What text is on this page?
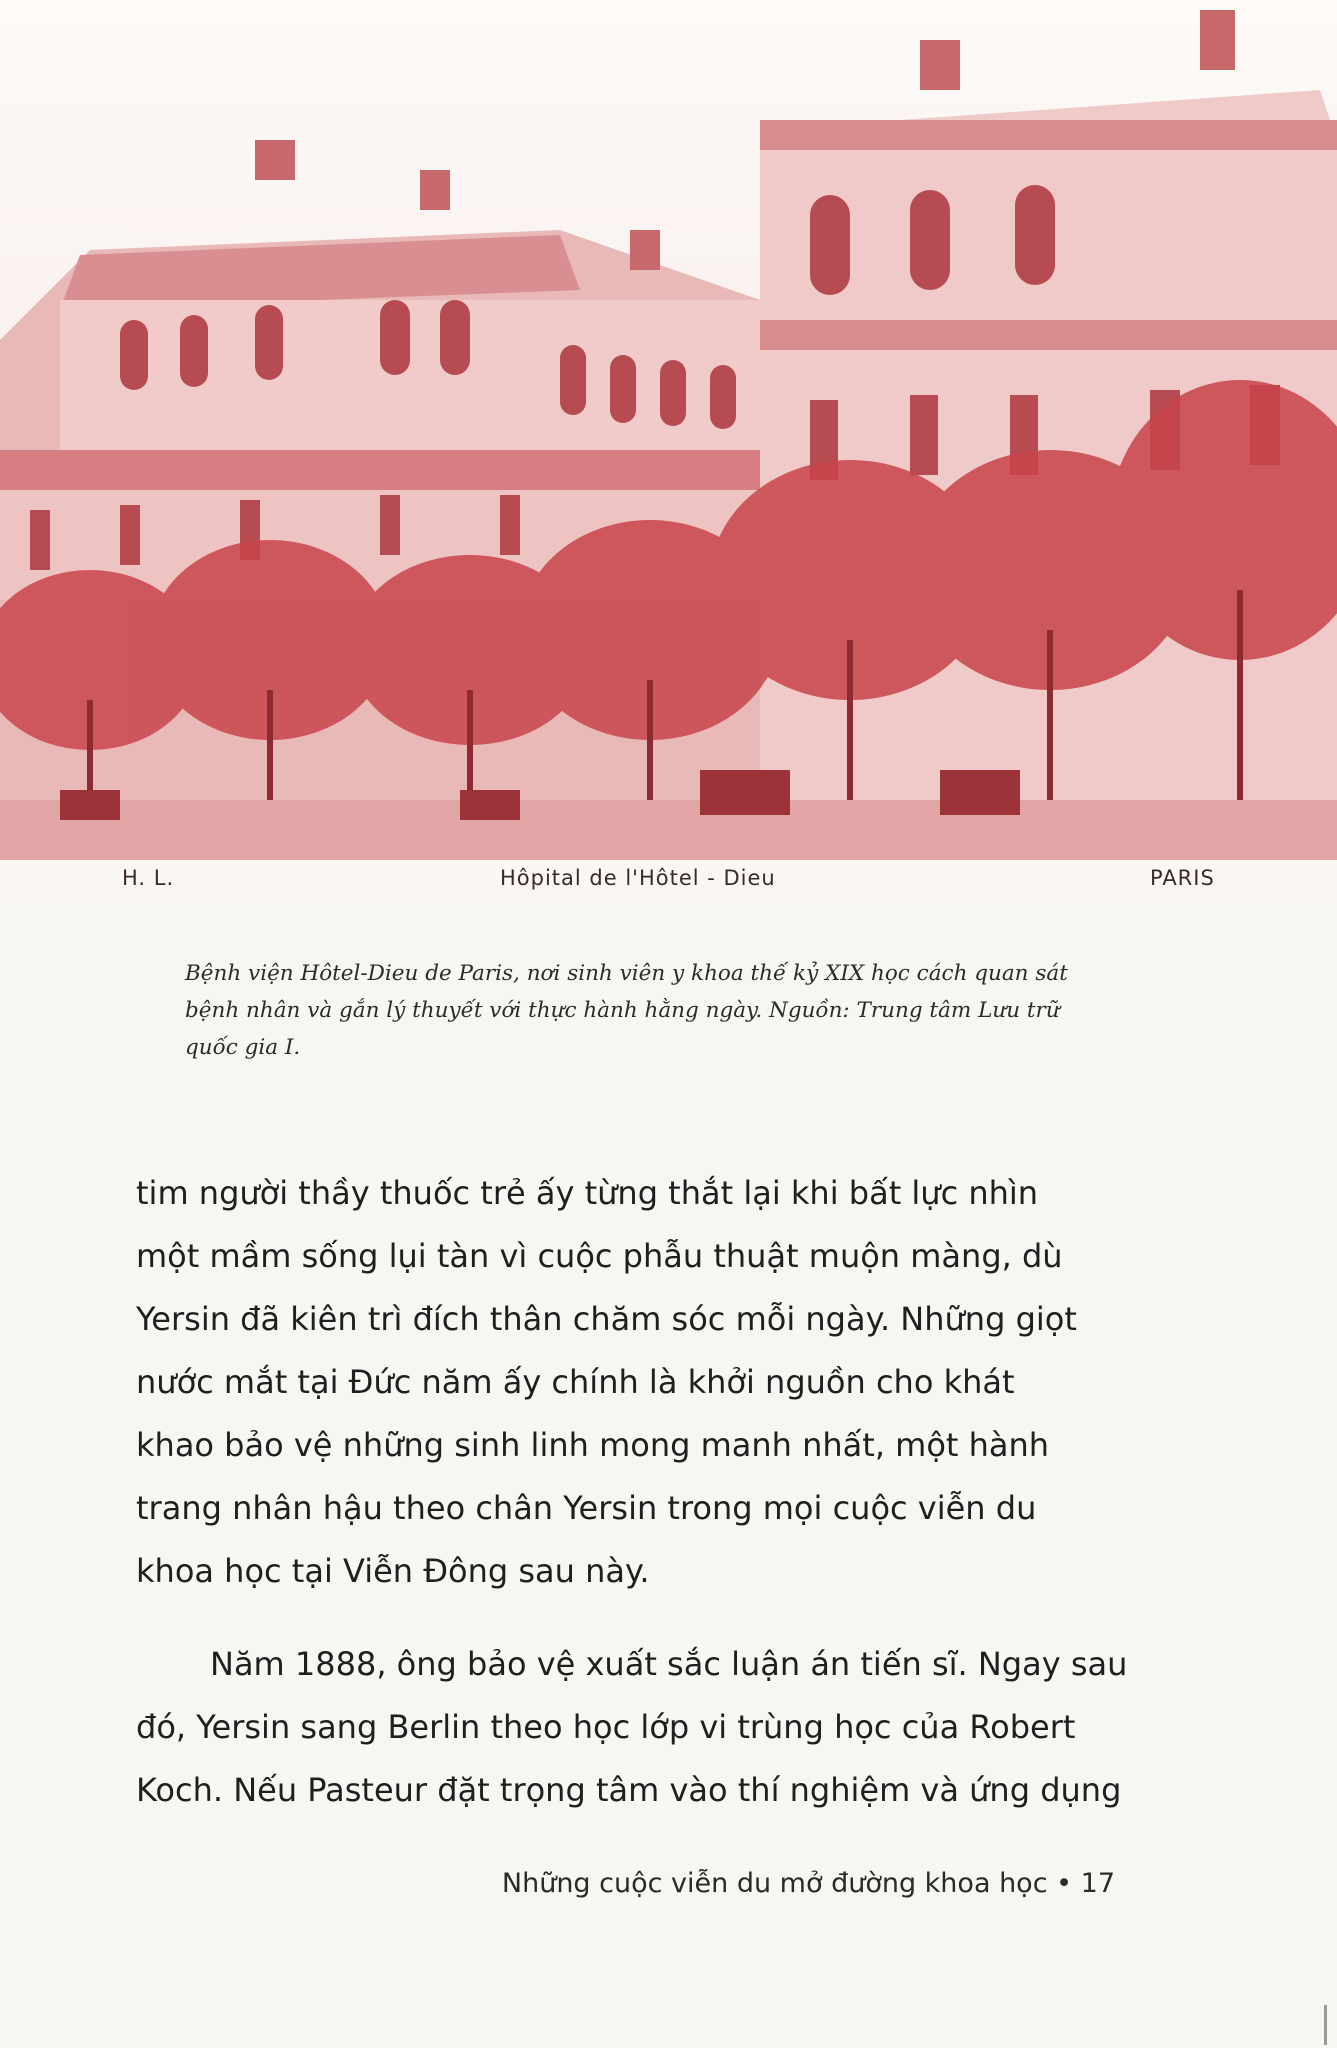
H. L.	Hôpital de l'Hôtel - Dieu	PARIS

Bệnh viện Hôtel-Dieu de Paris, nơi sinh viên y khoa thế kỷ XIX học cách quan sát

bệnh nhân và gắn lý thuyết với thực hành hằng ngày. Nguồn: Trung tâm Lưu trữ

quốc gia I.

tim người thầy thuốc trẻ ấy từng thắt lại khi bất lực nhìn
một mầm sống lụi tàn vì cuộc phẫu thuật muộn màng, dù
Yersin đã kiên trì đích thân chăm sóc mỗi ngày. Những giọt
nước mắt tại Đức năm ấy chính là khởi nguồn cho khát
khao bảo vệ những sinh linh mong manh nhất, một hành
trang nhân hậu theo chân Yersin trong mọi cuộc viễn du
khoa học tại Viễn Đông sau này.
Năm 1888, ông bảo vệ xuất sắc luận án tiến sĩ. Ngay sau
đó, Yersin sang Berlin theo học lớp vi trùng học của Robert
Koch. Nếu Pasteur đặt trọng tâm vào thí nghiệm và ứng dụng
Những cuộc viễn du mở đường khoa học • 17
